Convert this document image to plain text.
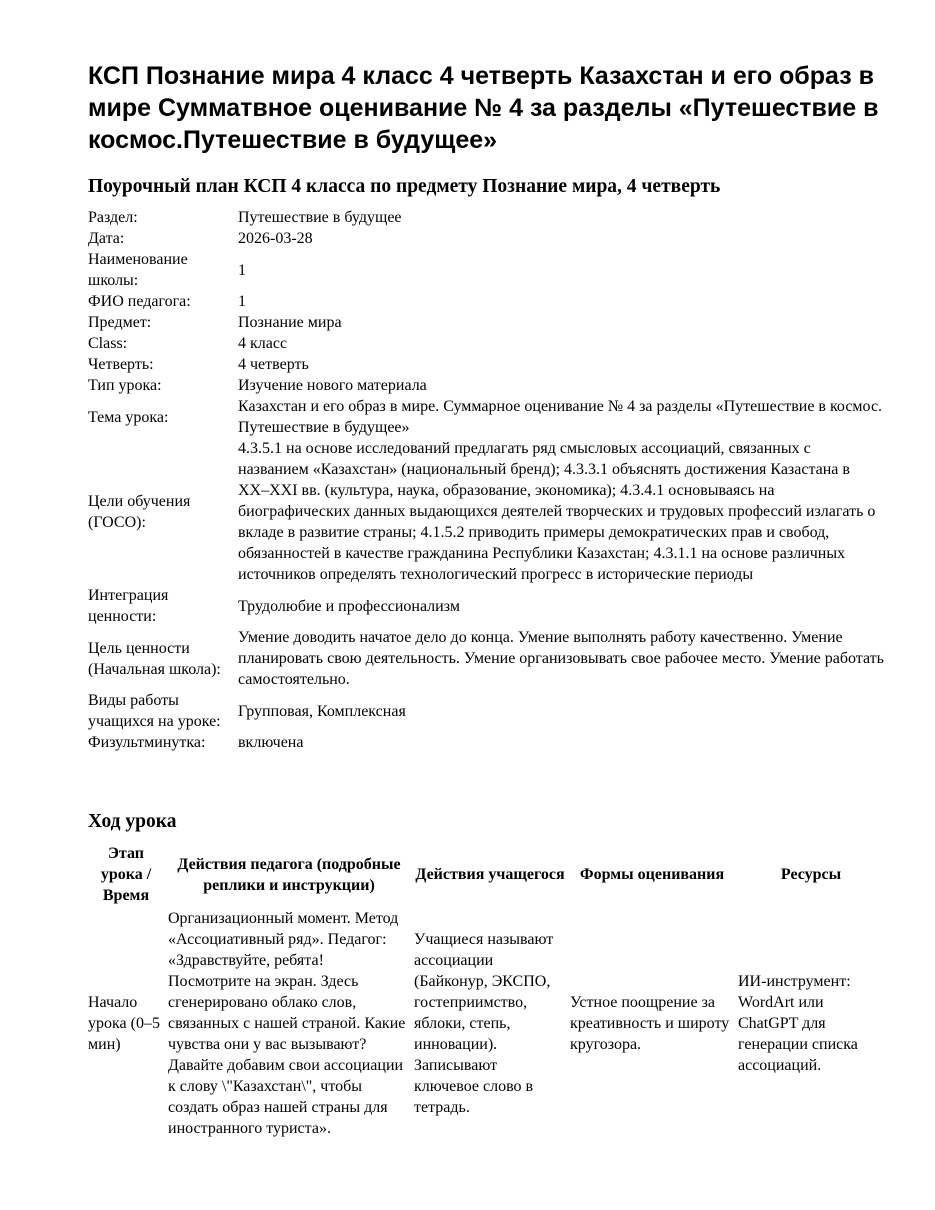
КСП Познание мира 4 класс 4 четверть Казахстан и его образ в мире Сумматвное оценивание № 4 за разделы «Путешествие в космос.Путешествие в будущее»
Поурочный план КСП 4 класса по предмету Познание мира, 4 четверть
Раздел:	Путешествие в будущее
Дата:	2026-03-28
Наименование школы:	1
ФИО педагога:	1
Предмет:	Познание мира
Class:	4 класс
Четверть:	4 четверть
Тип урока:	Изучение нового материала
Тема урока:	Казахстан и его образ в мире. Суммарное оценивание № 4 за разделы «Путешествие в космос. Путешествие в будущее»
Цели обучения (ГОСО):	4.3.5.1 на основе исследований предлагать ряд смысловых ассоциаций, связанных с названием «Казахстан» (национальный бренд); 4.3.3.1 объяснять достижения Казастана в XX–XXI вв. (культура, наука, образование, экономика); 4.3.4.1 основываясь на биографических данных выдающихся деятелей творческих и трудовых профессий излагать о вкладе в развитие страны; 4.1.5.2 приводить примеры демократических прав и свобод, обязанностей в качестве гражданина Республики Казахстан; 4.3.1.1 на основе различных источников определять технологический прогресс в исторические периоды
Интеграция ценности:	Трудолюбие и профессионализм
Цель ценности (Начальная школа):	Умение доводить начатое дело до конца. Умение выполнять работу качественно. Умение планировать свою деятельность. Умение организовывать свое рабочее место. Умение работать самостоятельно.
Виды работы учащихся на уроке:	Групповая, Комплексная
Физультминутка:	включена
Ход урока
Этап урока / Время	Действия педагога (подробные реплики и инструкции)	Действия учащегося	Формы оценивания	Ресурсы
Начало урока (0–5 мин)	Организационный момент. Метод «Ассоциативный ряд». Педагог: «Здравствуйте, ребята! Посмотрите на экран. Здесь сгенерировано облако слов, связанных с нашей страной. Какие чувства они у вас вызывают? Давайте добавим свои ассоциации к слову \"Казахстан\", чтобы создать образ нашей страны для иностранного туриста».	Учащиеся называют ассоциации (Байконур, ЭКСПО, гостеприимство, яблоки, степь, инновации). Записывают ключевое слово в тетрадь.	Устное поощрение за креативность и широту кругозора.	ИИ-инструмент: WordArt или ChatGPT для генерации списка ассоциаций.
